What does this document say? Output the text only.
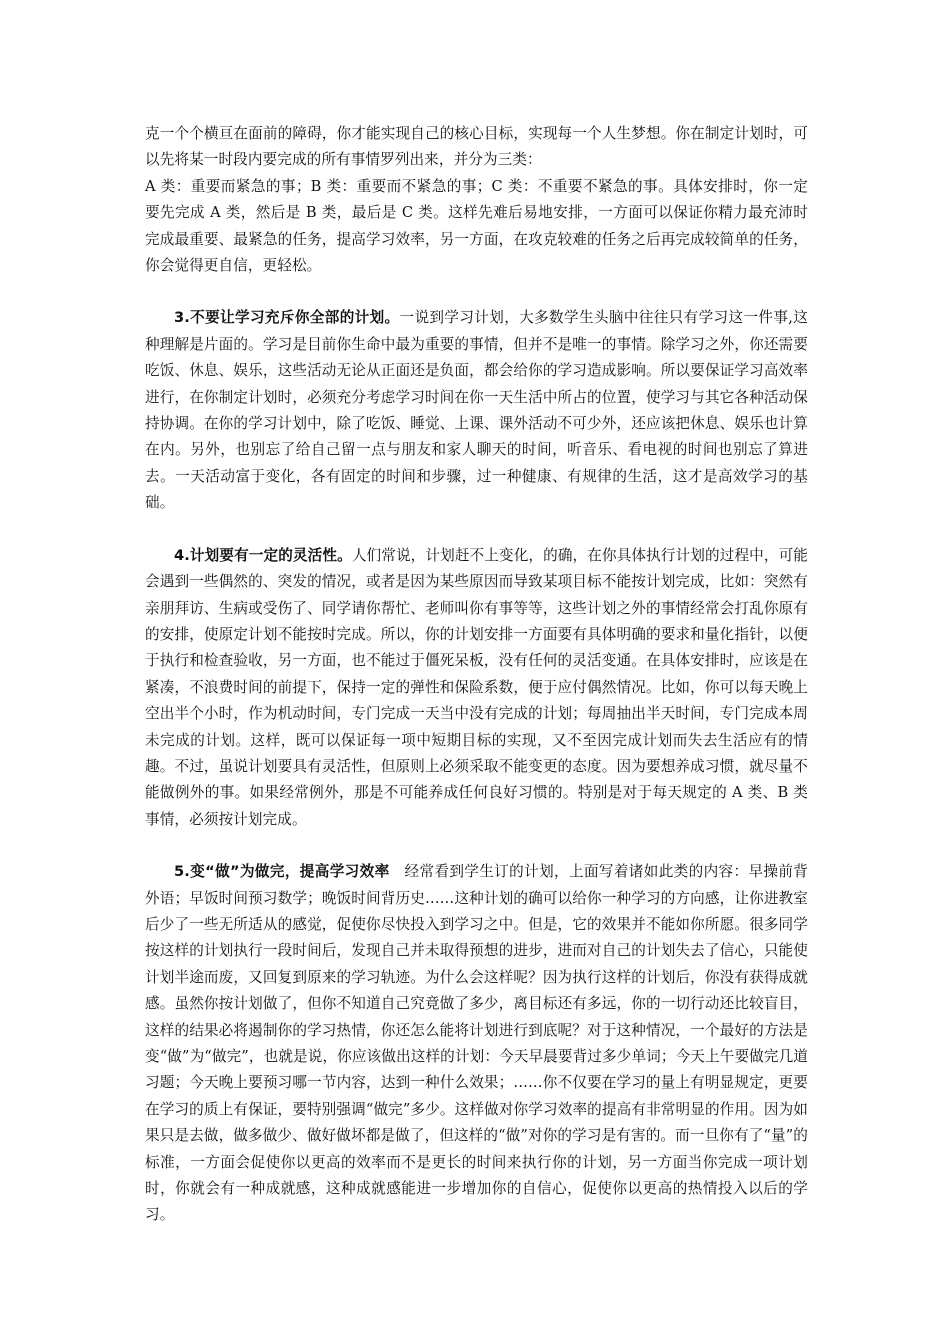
克一个个横亘在面前的障碍，你才能实现自己的核心目标，实现每一个人生梦想。你在制定计划时，可以先将某一时段内要完成的所有事情罗列出来，并分为三类：

A 类：重要而紧急的事；B 类：重要而不紧急的事；C 类：不重要不紧急的事。具体安排时，你一定要先完成 A 类，然后是 B 类，最后是 C 类。这样先难后易地安排，一方面可以保证你精力最充沛时完成最重要、最紧急的任务，提高学习效率，另一方面，在攻克较难的任务之后再完成较简单的任务，你会觉得更自信，更轻松。

3.不要让学习充斥你全部的计划。一说到学习计划，大多数学生头脑中往往只有学习这一件事,这种理解是片面的。学习是目前你生命中最为重要的事情，但并不是唯一的事情。除学习之外，你还需要吃饭、休息、娱乐，这些活动无论从正面还是负面，都会给你的学习造成影响。所以要保证学习高效率进行，在你制定计划时，必须充分考虑学习时间在你一天生活中所占的位置，使学习与其它各种活动保持协调。在你的学习计划中，除了吃饭、睡觉、上课、课外活动不可少外，还应该把休息、娱乐也计算在内。另外，也别忘了给自己留一点与朋友和家人聊天的时间，听音乐、看电视的时间也别忘了算进去。一天活动富于变化，各有固定的时间和步骤，过一种健康、有规律的生活，这才是高效学习的基础。

4.计划要有一定的灵活性。人们常说，计划赶不上变化，的确，在你具体执行计划的过程中，可能会遇到一些偶然的、突发的情况，或者是因为某些原因而导致某项目标不能按计划完成，比如：突然有亲朋拜访、生病或受伤了、同学请你帮忙、老师叫你有事等等，这些计划之外的事情经常会打乱你原有的安排，使原定计划不能按时完成。所以，你的计划安排一方面要有具体明确的要求和量化指针，以便于执行和检查验收，另一方面，也不能过于僵死呆板，没有任何的灵活变通。在具体安排时，应该是在紧凑，不浪费时间的前提下，保持一定的弹性和保险系数，便于应付偶然情况。比如，你可以每天晚上空出半个小时，作为机动时间，专门完成一天当中没有完成的计划；每周抽出半天时间，专门完成本周未完成的计划。这样，既可以保证每一项中短期目标的实现，又不至因完成计划而失去生活应有的情趣。不过，虽说计划要具有灵活性，但原则上必须采取不能变更的态度。因为要想养成习惯，就尽量不能做例外的事。如果经常例外，那是不可能养成任何良好习惯的。特别是对于每天规定的 A 类、B 类事情，必须按计划完成。

5.变“做”为做完，提高学习效率　经常看到学生订的计划，上面写着诸如此类的内容：早操前背外语；早饭时间预习数学；晚饭时间背历史……这种计划的确可以给你一种学习的方向感，让你进教室后少了一些无所适从的感觉，促使你尽快投入到学习之中。但是，它的效果并不能如你所愿。很多同学按这样的计划执行一段时间后，发现自己并未取得预想的进步，进而对自己的计划失去了信心，只能使计划半途而废，又回复到原来的学习轨迹。为什么会这样呢？因为执行这样的计划后，你没有获得成就感。虽然你按计划做了，但你不知道自己究竟做了多少，离目标还有多远，你的一切行动还比较盲目，这样的结果必将遏制你的学习热情，你还怎么能将计划进行到底呢？对于这种情况，一个最好的方法是变“做”为“做完”，也就是说，你应该做出这样的计划：今天早晨要背过多少单词；今天上午要做完几道习题；今天晚上要预习哪一节内容，达到一种什么效果；……你不仅要在学习的量上有明显规定，更要在学习的质上有保证，要特别强调“做完”多少。这样做对你学习效率的提高有非常明显的作用。因为如果只是去做，做多做少、做好做坏都是做了，但这样的“做”对你的学习是有害的。而一旦你有了“量”的标准，一方面会促使你以更高的效率而不是更长的时间来执行你的计划，另一方面当你完成一项计划时，你就会有一种成就感，这种成就感能进一步增加你的自信心，促使你以更高的热情投入以后的学习。
